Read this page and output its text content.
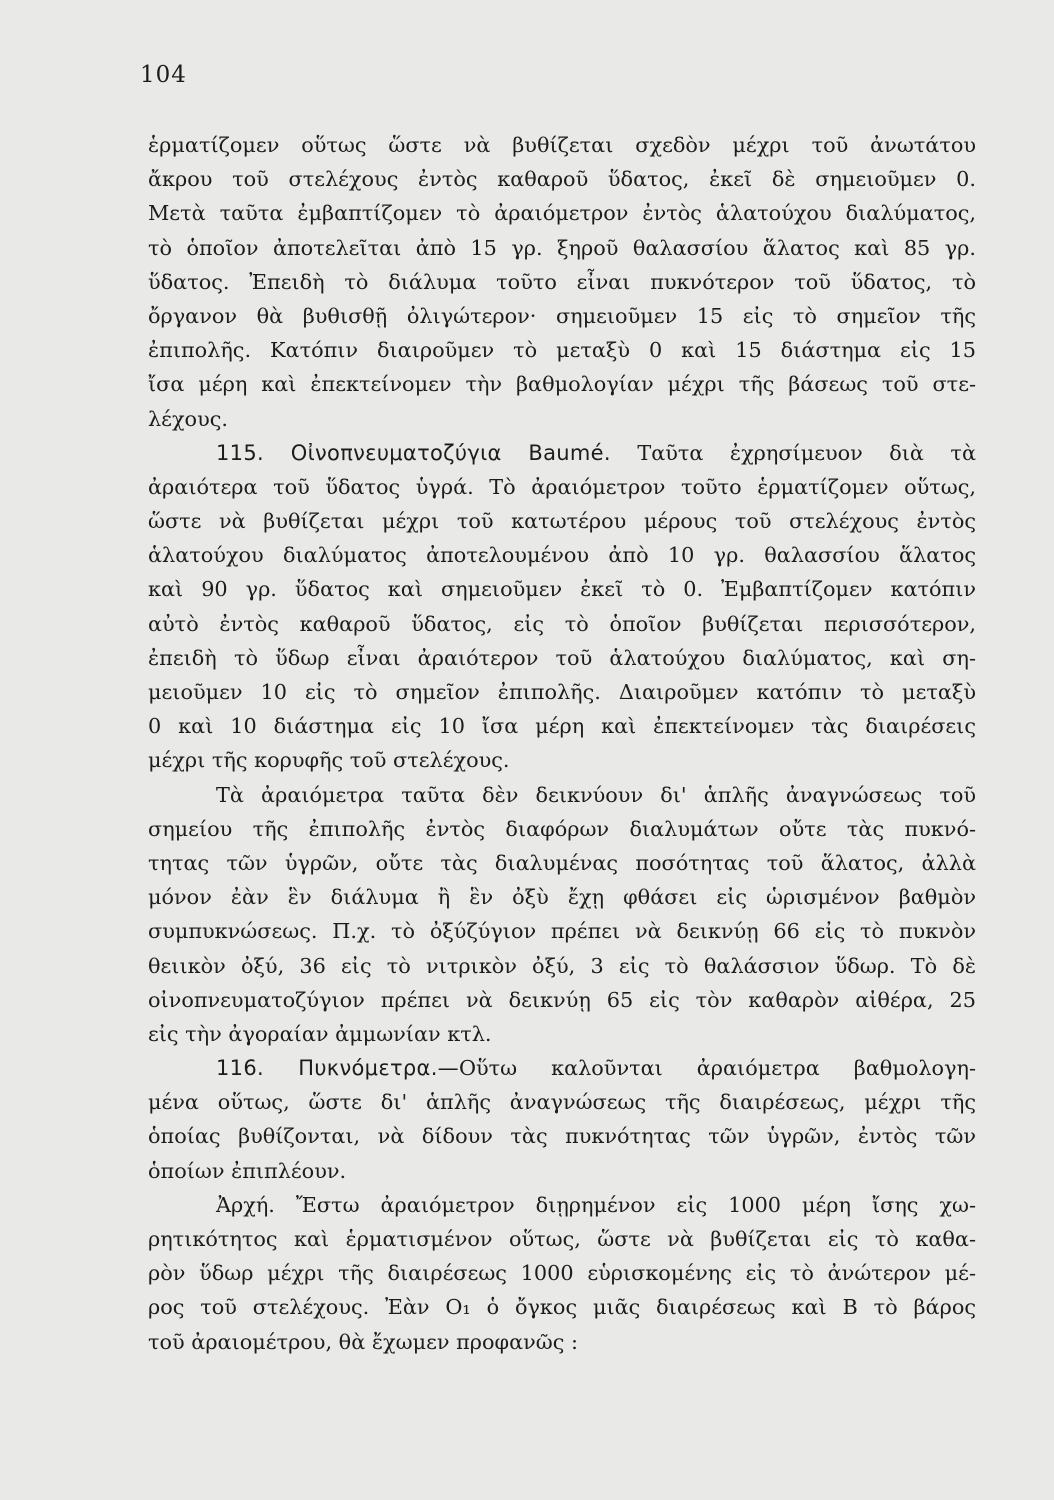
104
ἑρματίζομεν οὕτως ὥστε νὰ βυθίζεται σχεδὸν μέχρι τοῦ ἀνωτάτου
ἄκρου τοῦ στελέχους ἐντὸς καθαροῦ ὕδατος, ἐκεῖ δὲ σημειοῦμεν 0.
Μετὰ ταῦτα ἐμβαπτίζομεν τὸ ἀραιόμετρον ἐντὸς ἁλατούχου διαλύματος,
τὸ ὁποῖον ἀποτελεῖται ἀπὸ 15 γρ. ξηροῦ θαλασσίου ἅλατος καὶ 85 γρ.
ὕδατος. Ἐπειδὴ τὸ διάλυμα τοῦτο εἶναι πυκνότερον τοῦ ὕδατος, τὸ
ὄργανον θὰ βυθισθῇ ὀλιγώτερον· σημειοῦμεν 15 εἰς τὸ σημεῖον τῆς
ἐπιπολῆς. Κατόπιν διαιροῦμεν τὸ μεταξὺ 0 καὶ 15 διάστημα εἰς 15
ἴσα μέρη καὶ ἐπεκτείνομεν τὴν βαθμολογίαν μέχρι τῆς βάσεως τοῦ στε-
λέχους.
115. Οἰνοπνευματοζύγια Baumé. Ταῦτα ἐχρησίμευον διὰ τὰ
ἀραιότερα τοῦ ὕδατος ὑγρά. Τὸ ἀραιόμετρον τοῦτο ἑρματίζομεν οὕτως,
ὥστε νὰ βυθίζεται μέχρι τοῦ κατωτέρου μέρους τοῦ στελέχους ἐντὸς
ἁλατούχου διαλύματος ἀποτελουμένου ἀπὸ 10 γρ. θαλασσίου ἅλατος
καὶ 90 γρ. ὕδατος καὶ σημειοῦμεν ἐκεῖ τὸ 0. Ἐμβαπτίζομεν κατόπιν
αὐτὸ ἐντὸς καθαροῦ ὕδατος, εἰς τὸ ὁποῖον βυθίζεται περισσότερον,
ἐπειδὴ τὸ ὕδωρ εἶναι ἀραιότερον τοῦ ἁλατούχου διαλύματος, καὶ ση-
μειοῦμεν 10 εἰς τὸ σημεῖον ἐπιπολῆς. Διαιροῦμεν κατόπιν τὸ μεταξὺ
0 καὶ 10 διάστημα εἰς 10 ἴσα μέρη καὶ ἐπεκτείνομεν τὰς διαιρέσεις
μέχρι τῆς κορυφῆς τοῦ στελέχους.
Τὰ ἀραιόμετρα ταῦτα δὲν δεικνύουν δι' ἁπλῆς ἀναγνώσεως τοῦ
σημείου τῆς ἐπιπολῆς ἐντὸς διαφόρων διαλυμάτων οὔτε τὰς πυκνό-
τητας τῶν ὑγρῶν, οὔτε τὰς διαλυμένας ποσότητας τοῦ ἅλατος, ἀλλὰ
μόνον ἐὰν ἓν διάλυμα ἢ ἓν ὀξὺ ἔχῃ φθάσει εἰς ὡρισμένον βαθμὸν
συμπυκνώσεως. Π.χ. τὸ ὀξύζύγιον πρέπει νὰ δεικνύῃ 66 εἰς τὸ πυκνὸν
θειικὸν ὀξύ, 36 εἰς τὸ νιτρικὸν ὀξύ, 3 εἰς τὸ θαλάσσιον ὕδωρ. Τὸ δὲ
οἰνοπνευματοζύγιον πρέπει νὰ δεικνύῃ 65 εἰς τὸν καθαρὸν αἰθέρα, 25
εἰς τὴν ἀγοραίαν ἀμμωνίαν κτλ.
116. Πυκνόμετρα.—Οὕτω καλοῦνται ἀραιόμετρα βαθμολογη-
μένα οὕτως, ὥστε δι' ἁπλῆς ἀναγνώσεως τῆς διαιρέσεως, μέχρι τῆς
ὁποίας βυθίζονται, νὰ δίδουν τὰς πυκνότητας τῶν ὑγρῶν, ἐντὸς τῶν
ὁποίων ἐπιπλέουν.
Ἀρχή. Ἔστω ἀραιόμετρον διῃρημένον εἰς 1000 μέρη ἴσης χω-
ρητικότητος καὶ ἑρματισμένον οὕτως, ὥστε νὰ βυθίζεται εἰς τὸ καθα-
ρὸν ὕδωρ μέχρι τῆς διαιρέσεως 1000 εὑρισκομένης εἰς τὸ ἀνώτερον μέ-
ρος τοῦ στελέχους. Ἐὰν O₁ ὁ ὄγκος μιᾶς διαιρέσεως καὶ B τὸ βάρος
τοῦ ἀραιομέτρου, θὰ ἔχωμεν προφανῶς :
